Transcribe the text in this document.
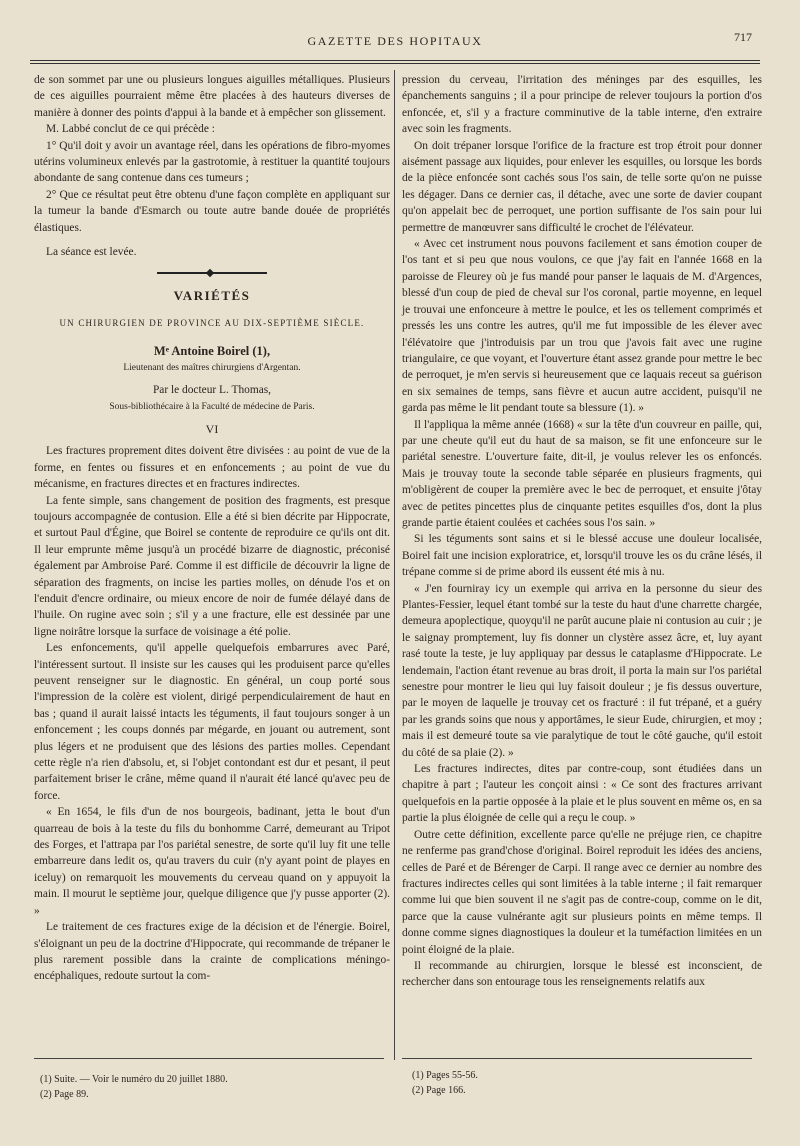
GAZETTE DES HOPITAUX	717

de son sommet par une ou plusieurs longues aiguilles métalliques. Plusieurs de ces aiguilles pourraient même être placées à des hauteurs diverses de manière à donner des points d'appui à la bande et à empêcher son glissement.

M. Labbé conclut de ce qui précède :

1° Qu'il doit y avoir un avantage réel, dans les opérations de fibro-myomes utérins volumineux enlevés par la gastrotomie, à restituer la quantité toujours abondante de sang contenue dans ces tumeurs ;

2° Que ce résultat peut être obtenu d'une façon complète en appliquant sur la tumeur la bande d'Esmarch ou toute autre bande douée de propriétés élastiques.

La séance est levée.

VARIÉTÉS
UN CHIRURGIEN DE PROVINCE AU DIX-SEPTIÈME SIÈCLE.
Mᵉ Antoine Boirel (1),
Lieutenant des maîtres chirurgiens d'Argentan.
Par le docteur L. Thomas,
Sous-bibliothécaire à la Faculté de médecine de Paris.
VI

Les fractures proprement dites doivent être divisées : au point de vue de la forme, en fentes ou fissures et en enfoncements ; au point de vue du mécanisme, en fractures directes et en fractures indirectes.

La fente simple, sans changement de position des fragments, est presque toujours accompagnée de contusion. Elle a été si bien décrite par Hippocrate, et surtout Paul d'Égine, que Boirel se contente de reproduire ce qu'ils ont dit. Il leur emprunte même jusqu'à un procédé bizarre de diagnostic, préconisé également par Ambroise Paré. Comme il est difficile de découvrir la ligne de séparation des fragments, on incise les parties molles, on dénude l'os et on l'enduit d'encre ordinaire, ou mieux encore de noir de fumée délayé dans de l'huile. On rugine avec soin ; s'il y a une fracture, elle est dessinée par une ligne noirâtre lorsque la surface de voisinage a été polie.

Les enfoncements, qu'il appelle quelquefois embarrures avec Paré, l'intéressent surtout. Il insiste sur les causes qui les produisent parce qu'elles peuvent renseigner sur le diagnostic. En général, un coup porté sous l'impression de la colère est violent, dirigé perpendiculairement de haut en bas ; quand il aurait laissé intacts les téguments, il faut toujours songer à un enfoncement ; les coups donnés par mégarde, en jouant ou autrement, sont plus légers et ne produisent que des lésions des parties molles. Cependant cette règle n'a rien d'absolu, et, si l'objet contondant est dur et pesant, il peut parfaitement briser le crâne, même quand il n'aurait été lancé qu'avec peu de force.

« En 1654, le fils d'un de nos bourgeois, badinant, jetta le bout d'un quarreau de bois à la teste du fils du bonhomme Carré, demeurant au Tripot des Forges, et l'attrapa par l'os pariétal senestre, de sorte qu'il luy fit une telle embarreure dans ledit os, qu'au travers du cuir (n'y ayant point de playes en iceluy) on remarquoit les mouvements du cerveau quand on y appuyoit la main. Il mourut le septième jour, quelque diligence que j'y pusse apporter (2). »

Le traitement de ces fractures exige de la décision et de l'énergie. Boirel, s'éloignant un peu de la doctrine d'Hippocrate, qui recommande de trépaner le plus rarement possible dans la crainte de complications méningo-encéphaliques, redoute surtout la com-

pression du cerveau, l'irritation des méninges par des esquilles, les épanchements sanguins ; il a pour principe de relever toujours la portion d'os enfoncée, et, s'il y a fracture comminutive de la table interne, d'en extraire avec soin les fragments.

On doit trépaner lorsque l'orifice de la fracture est trop étroit pour donner aisément passage aux liquides, pour enlever les esquilles, ou lorsque les bords de la pièce enfoncée sont cachés sous l'os sain, de telle sorte qu'on ne puisse les dégager. Dans ce dernier cas, il détache, avec une sorte de davier coupant qu'on appelait bec de perroquet, une portion suffisante de l'os sain pour lui permettre de manœuvrer sans difficulté le crochet de l'élévateur.

« Avec cet instrument nous pouvons facilement et sans émotion couper de l'os tant et si peu que nous voulons, ce que j'ay fait en l'année 1668 en la paroisse de Fleurey où je fus mandé pour panser le laquais de M. d'Argences, blessé d'un coup de pied de cheval sur l'os coronal, partie moyenne, en lequel je trouvai une enfonceure à mettre le poulce, et les os tellement comprimés et pressés les uns contre les autres, qu'il me fut impossible de les élever avec l'élévatoire que j'introduisis par un trou que j'avois fait avec une rugine triangulaire, ce que voyant, et l'ouverture étant assez grande pour mettre le bec de perroquet, je m'en servis si heureusement que ce laquais receut sa guérison en six semaines de temps, sans fièvre et aucun autre accident, puisqu'il ne garda pas même le lit pendant toute sa blessure (1). »

Il l'appliqua la même année (1668) « sur la tête d'un couvreur en paille, qui, par une cheute qu'il eut du haut de sa maison, se fit une enfonceure sur le pariétal senestre. L'ouverture faite, dit-il, je voulus relever les os enfoncés. Mais je trouvay toute la seconde table séparée en plusieurs fragments, qui m'obligèrent de couper la première avec le bec de perroquet, et ensuite j'ôtay avec de petites pincettes plus de cinquante petites esquilles d'os, dont la plus grande partie étaient coulées et cachées sous l'os sain. »

Si les téguments sont sains et si le blessé accuse une douleur localisée, Boirel fait une incision exploratrice, et, lorsqu'il trouve les os du crâne lésés, il trépane comme si de prime abord ils eussent été mis à nu.

« J'en fourniray icy un exemple qui arriva en la personne du sieur des Plantes-Fessier, lequel étant tombé sur la teste du haut d'une charrette chargée, demeura apoplectique, quoyqu'il ne parût aucune plaie ni contusion au cuir ; je le saignay promptement, luy fis donner un clystère assez âcre, et, luy ayant rasé toute la teste, je luy appliquay par dessus le cataplasme d'Hippocrate. Le lendemain, l'action étant revenue au bras droit, il porta la main sur l'os pariétal senestre pour montrer le lieu qui luy faisoit douleur ; je fis dessus ouverture, par le moyen de laquelle je trouvay cet os fracturé : il fut trépané, et a guéry par les grands soins que nous y apportâmes, le sieur Eude, chirurgien, et moy ; mais il est demeuré toute sa vie paralytique de tout le côté gauche, qu'il estoit du côté de sa plaie (2). »

Les fractures indirectes, dites par contre-coup, sont étudiées dans un chapitre à part ; l'auteur les conçoit ainsi : « Ce sont des fractures arrivant quelquefois en la partie opposée à la plaie et le plus souvent en même os, en sa partie la plus éloignée de celle qui a reçu le coup. »

Outre cette définition, excellente parce qu'elle ne préjuge rien, ce chapitre ne renferme pas grand'chose d'original. Boirel reproduit les idées des anciens, celles de Paré et de Bérenger de Carpi. Il range avec ce dernier au nombre des fractures indirectes celles qui sont limitées à la table interne ; il fait remarquer comme lui que bien souvent il ne s'agit pas de contre-coup, comme on le dit, parce que la cause vulnérante agit sur plusieurs points en même temps. Il donne comme signes diagnostiques la douleur et la tuméfaction limitées en un point éloigné de la plaie.

Il recommande au chirurgien, lorsque le blessé est inconscient, de rechercher dans son entourage tous les renseignements relatifs aux

(1) Suite. — Voir le numéro du 20 juillet 1880.
(2) Page 89.
(1) Pages 55-56.
(2) Page 166.
